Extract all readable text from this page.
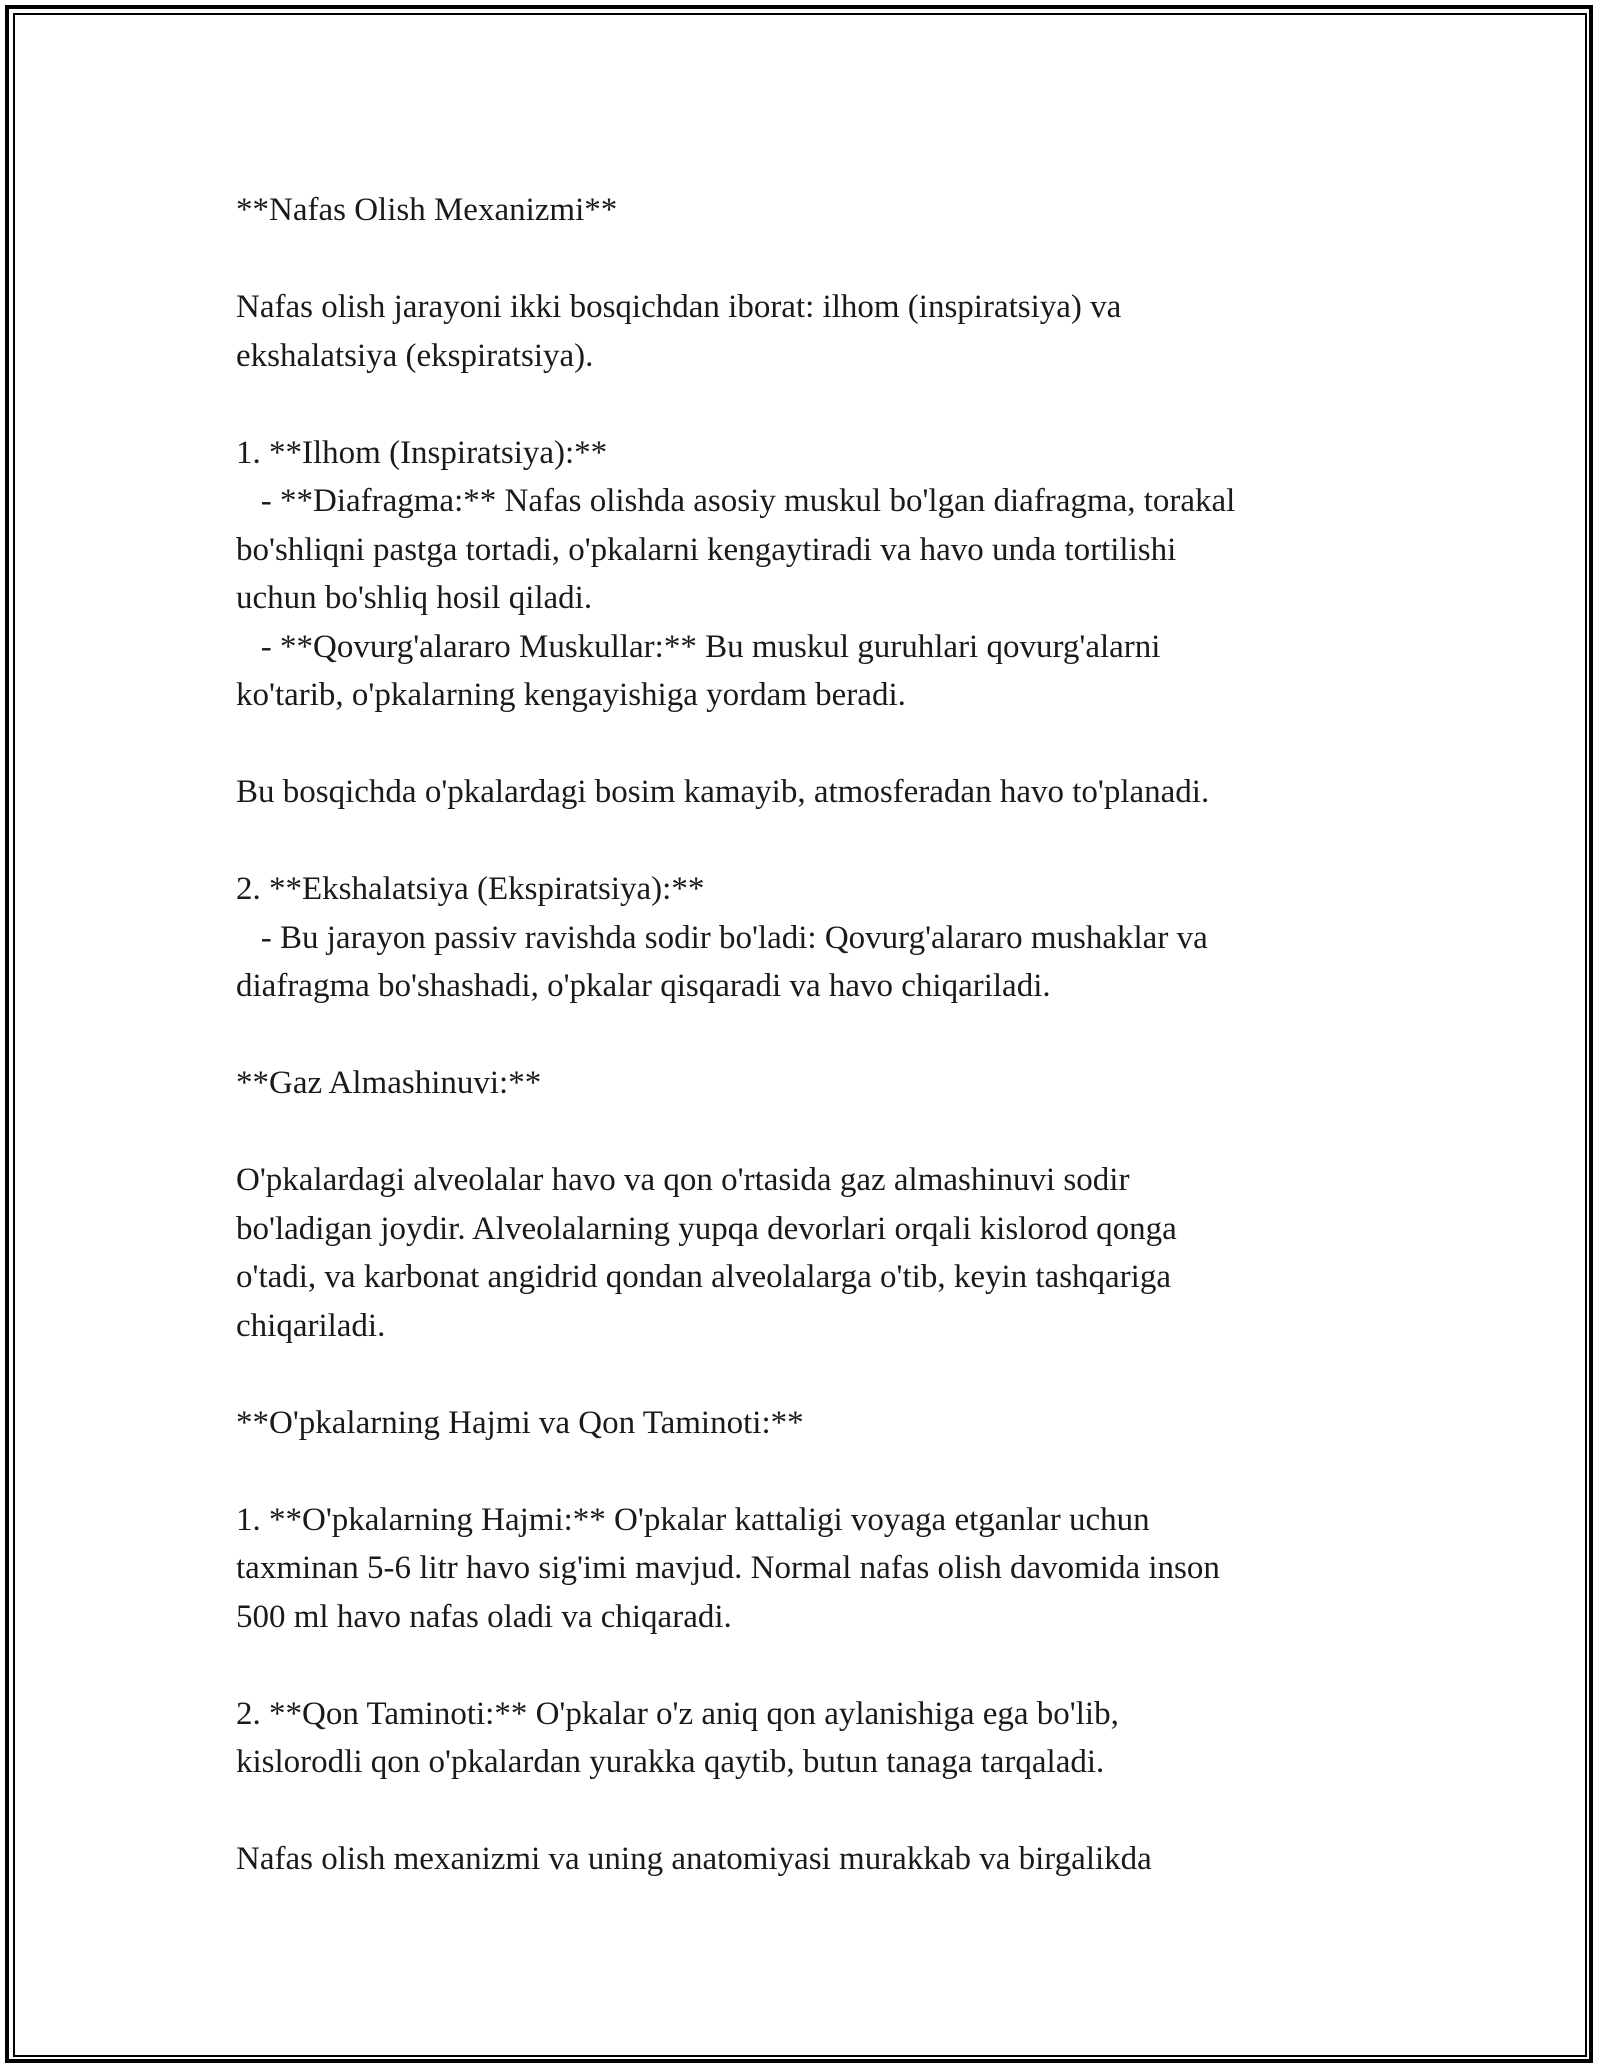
**Nafas Olish Mexanizmi**
Nafas olish jarayoni ikki bosqichdan iborat: ilhom (inspiratsiya) va
ekshalatsiya (ekspiratsiya).
1. **Ilhom (Inspiratsiya):**
- **Diafragma:** Nafas olishda asosiy muskul bo'lgan diafragma, torakal
bo'shliqni pastga tortadi, o'pkalarni kengaytiradi va havo unda tortilishi
uchun bo'shliq hosil qiladi.
- **Qovurg'alararo Muskullar:** Bu muskul guruhlari qovurg'alarni
ko'tarib, o'pkalarning kengayishiga yordam beradi.
Bu bosqichda o'pkalardagi bosim kamayib, atmosferadan havo to'planadi.
2. **Ekshalatsiya (Ekspiratsiya):**
- Bu jarayon passiv ravishda sodir bo'ladi: Qovurg'alararo mushaklar va
diafragma bo'shashadi, o'pkalar qisqaradi va havo chiqariladi.
**Gaz Almashinuvi:**
O'pkalardagi alveolalar havo va qon o'rtasida gaz almashinuvi sodir
bo'ladigan joydir. Alveolalarning yupqa devorlari orqali kislorod qonga
o'tadi, va karbonat angidrid qondan alveolalarga o'tib, keyin tashqariga
chiqariladi.
**O'pkalarning Hajmi va Qon Taminoti:**
1. **O'pkalarning Hajmi:** O'pkalar kattaligi voyaga etganlar uchun
taxminan 5-6 litr havo sig'imi mavjud. Normal nafas olish davomida inson
500 ml havo nafas oladi va chiqaradi.
2. **Qon Taminoti:** O'pkalar o'z aniq qon aylanishiga ega bo'lib,
kislorodli qon o'pkalardan yurakka qaytib, butun tanaga tarqaladi.
Nafas olish mexanizmi va uning anatomiyasi murakkab va birgalikda
